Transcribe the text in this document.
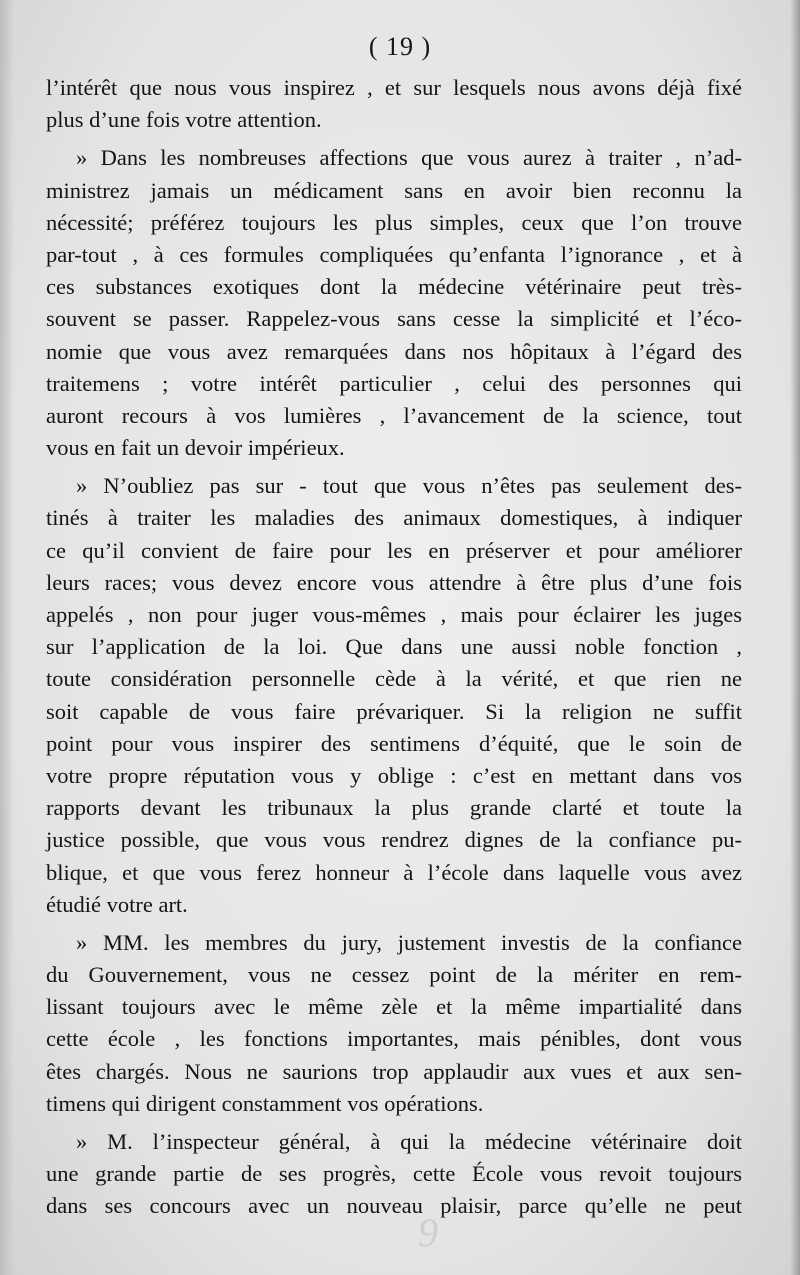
( 19 )
l’intérêt que nous vous inspirez , et sur lesquels nous avons déjà fixé
plus d’une fois votre attention.
» Dans les nombreuses affections que vous aurez à traiter , n’ad-
ministrez jamais un médicament sans en avoir bien reconnu la
nécessité; préférez toujours les plus simples, ceux que l’on trouve
par-tout , à ces formules compliquées qu’enfanta l’ignorance , et à
ces substances exotiques dont la médecine vétérinaire peut très-
souvent se passer. Rappelez-vous sans cesse la simplicité et l’éco-
nomie que vous avez remarquées dans nos hôpitaux à l’égard des
traitemens ; votre intérêt particulier , celui des personnes qui
auront recours à vos lumières , l’avancement de la science, tout
vous en fait un devoir impérieux.
» N’oubliez pas sur - tout que vous n’êtes pas seulement des-
tinés à traiter les maladies des animaux domestiques, à indiquer
ce qu’il convient de faire pour les en préserver et pour améliorer
leurs races; vous devez encore vous attendre à être plus d’une fois
appelés , non pour juger vous-mêmes , mais pour éclairer les juges
sur l’application de la loi. Que dans une aussi noble fonction ,
toute considération personnelle cède à la vérité, et que rien ne
soit capable de vous faire prévariquer. Si la religion ne suffit
point pour vous inspirer des sentimens d’équité, que le soin de
votre propre réputation vous y oblige : c’est en mettant dans vos
rapports devant les tribunaux la plus grande clarté et toute la
justice possible, que vous vous rendrez dignes de la confiance pu-
blique, et que vous ferez honneur à l’école dans laquelle vous avez
étudié votre art.
» MM. les membres du jury, justement investis de la confiance
du Gouvernement, vous ne cessez point de la mériter en rem-
lissant toujours avec le même zèle et la même impartialité dans
cette école , les fonctions importantes, mais pénibles, dont vous
êtes chargés. Nous ne saurions trop applaudir aux vues et aux sen-
timens qui dirigent constamment vos opérations.
» M. l’inspecteur général, à qui la médecine vétérinaire doit
une grande partie de ses progrès, cette École vous revoit toujours
dans ses concours avec un nouveau plaisir, parce qu’elle ne peut
9
